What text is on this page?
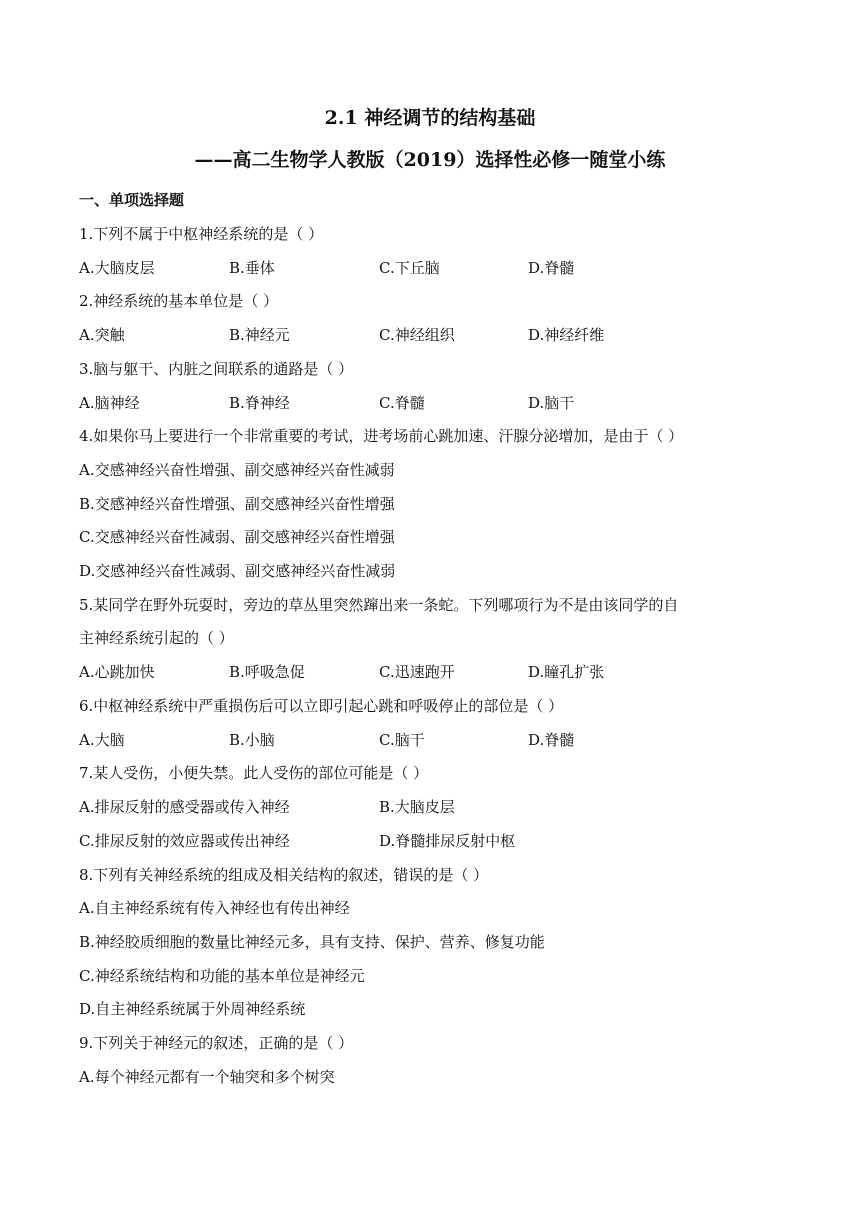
2.1 神经调节的结构基础
——高二生物学人教版（2019）选择性必修一随堂小练
一、单项选择题
1.下列不属于中枢神经系统的是（ ）
A.大脑皮层	B.垂体	C.下丘脑	D.脊髓
2.神经系统的基本单位是（ ）
A.突触	B.神经元	C.神经组织	D.神经纤维
3.脑与躯干、内脏之间联系的通路是（ ）
A.脑神经	B.脊神经	C.脊髓	D.脑干
4.如果你马上要进行一个非常重要的考试，进考场前心跳加速、汗腺分泌增加，是由于（ ）
A.交感神经兴奋性增强、副交感神经兴奋性减弱
B.交感神经兴奋性增强、副交感神经兴奋性增强
C.交感神经兴奋性减弱、副交感神经兴奋性增强
D.交感神经兴奋性减弱、副交感神经兴奋性减弱
5.某同学在野外玩耍时，旁边的草丛里突然蹿出来一条蛇。下列哪项行为不是由该同学的自
主神经系统引起的（ ）
A.心跳加快	B.呼吸急促	C.迅速跑开	D.瞳孔扩张
6.中枢神经系统中严重损伤后可以立即引起心跳和呼吸停止的部位是（ ）
A.大脑	B.小脑	C.脑干	D.脊髓
7.某人受伤，小便失禁。此人受伤的部位可能是（ ）
A.排尿反射的感受器或传入神经	B.大脑皮层
C.排尿反射的效应器或传出神经	D.脊髓排尿反射中枢
8.下列有关神经系统的组成及相关结构的叙述，错误的是（ ）
A.自主神经系统有传入神经也有传出神经
B.神经胶质细胞的数量比神经元多，具有支持、保护、营养、修复功能
C.神经系统结构和功能的基本单位是神经元
D.自主神经系统属于外周神经系统
9.下列关于神经元的叙述，正确的是（ ）
A.每个神经元都有一个轴突和多个树突
